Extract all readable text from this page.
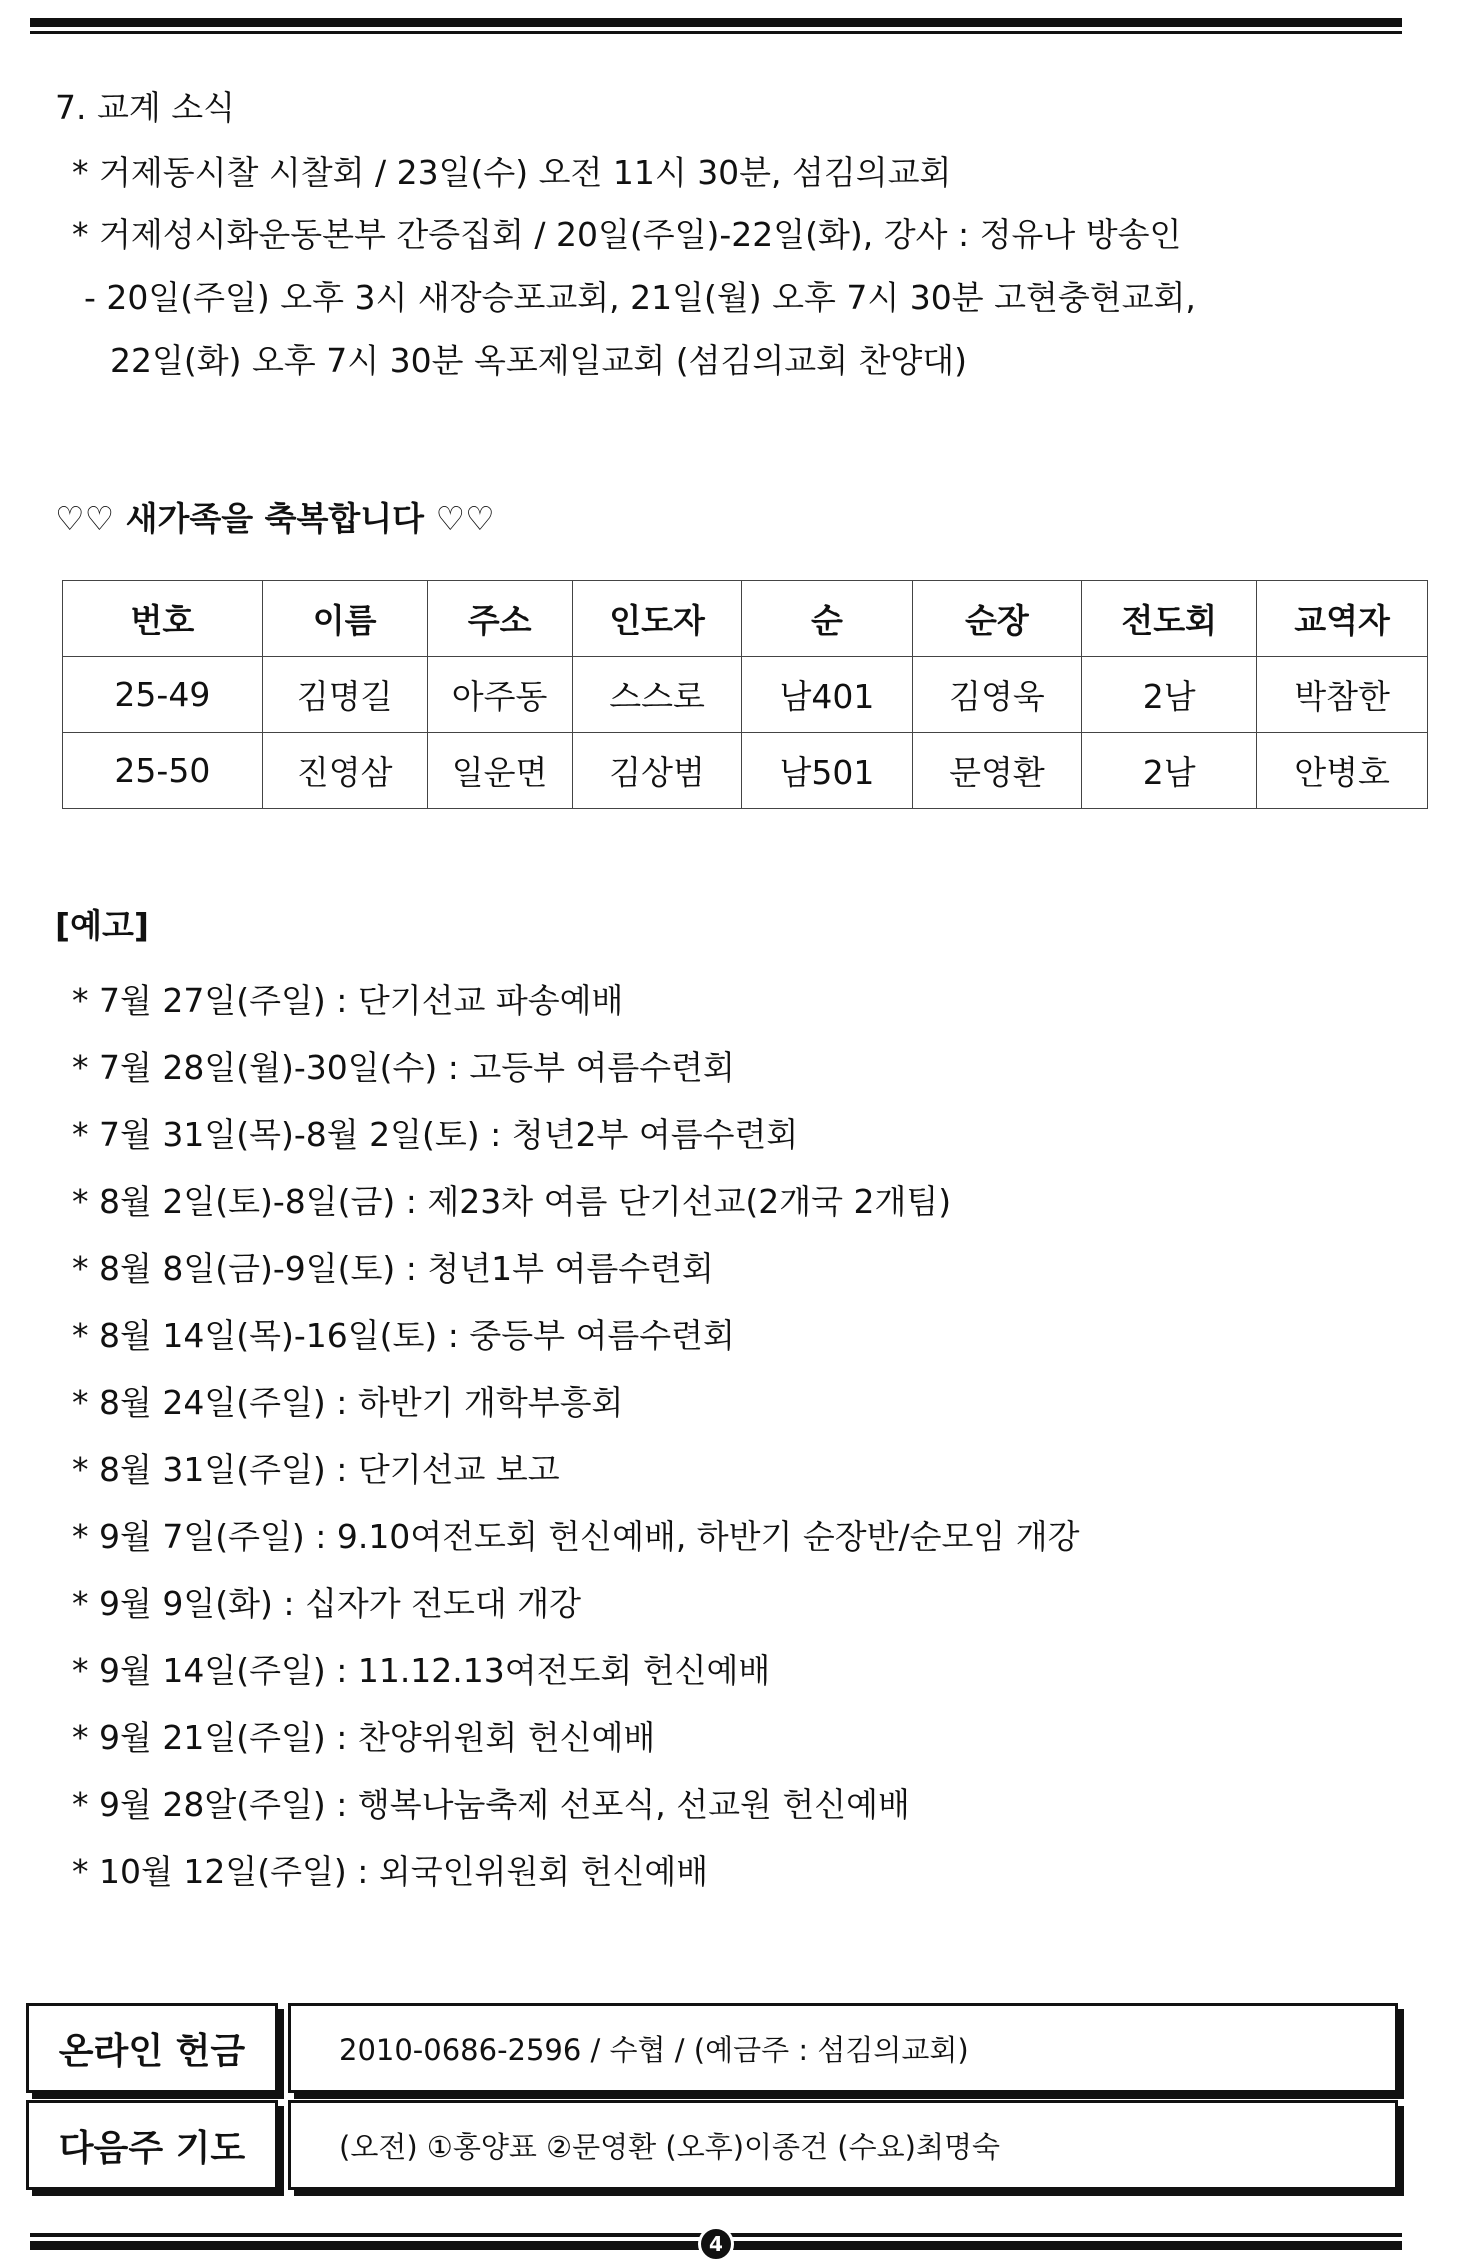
7. 교계 소식
* 거제동시찰 시찰회 / 23일(수) 오전 11시 30분, 섬김의교회
* 거제성시화운동본부 간증집회 / 20일(주일)-22일(화), 강사 : 정유나 방송인
- 20일(주일) 오후 3시 새장승포교회, 21일(월) 오후 7시 30분 고현충현교회,
22일(화) 오후 7시 30분 옥포제일교회 (섬김의교회 찬양대)
♡♡ 새가족을 축복합니다 ♡♡
번호	이름	주소	인도자	순	순장	전도회	교역자
25-49	김명길	아주동	스스로	남401	김영욱	2남	박참한
25-50	진영삼	일운면	김상범	남501	문영환	2남	안병호
[예고]
* 7월 27일(주일) : 단기선교 파송예배
* 7월 28일(월)-30일(수) : 고등부 여름수련회
* 7월 31일(목)-8월 2일(토) : 청년2부 여름수련회
* 8월 2일(토)-8일(금) : 제23차 여름 단기선교(2개국 2개팀)
* 8월 8일(금)-9일(토) : 청년1부 여름수련회
* 8월 14일(목)-16일(토) : 중등부 여름수련회
* 8월 24일(주일) : 하반기 개학부흥회
* 8월 31일(주일) : 단기선교 보고
* 9월 7일(주일) : 9.10여전도회 헌신예배, 하반기 순장반/순모임 개강
* 9월 9일(화) : 십자가 전도대 개강
* 9월 14일(주일) : 11.12.13여전도회 헌신예배
* 9월 21일(주일) : 찬양위원회 헌신예배
* 9월 28알(주일) : 행복나눔축제 선포식, 선교원 헌신예배
* 10월 12일(주일) : 외국인위원회 헌신예배
온라인 헌금	2010-0686-2596 / 수협 / (예금주 : 섬김의교회)
다음주 기도	(오전) ①홍양표 ②문영환 (오후)이종건 (수요)최명숙
4
